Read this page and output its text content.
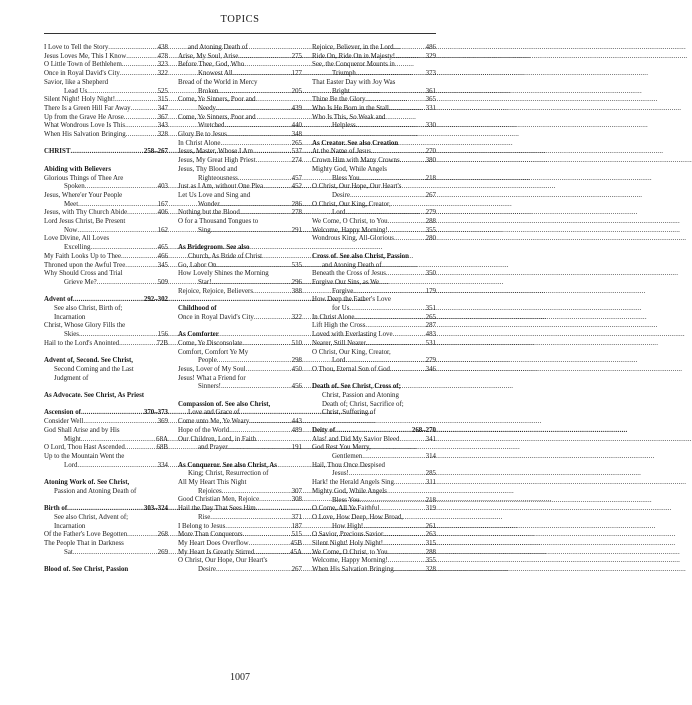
TOPICS
I Love to Tell the Story .....	438
Jesus Loves Me, This I Know .....	478
O Little Town of Bethlehem .....	323
Once in Royal David's City .....	322
Savior, like a Shepherd
Lead Us .....	525
Silent Night! Holy Night! .....	315
There Is a Green Hill Far Away .....	347
Up from the Grave He Arose .....	367
What Wondrous Love Is This .....	343
When His Salvation Bringing .....	328
CHRIST .....	258–267
Abiding with Believers
Glorious Things of Thee Are
Spoken .....	403
Jesus, Where'er Your People
Meet .....	167
Jesus, with Thy Church Abide .....	406
Lord Jesus Christ, Be Present
Now .....	162
Love Divine, All Loves
Excelling .....	465
My Faith Looks Up to Thee .....	466
Throned upon the Awful Tree .....	345
Why Should Cross and Trial
Grieve Me? .....	509
Advent of .....	292–302
See also Christ, Birth of;
Incarnation
Christ, Whose Glory Fills the
Skies .....	156
Hail to the Lord's Anointed .....	72B
Advent of, Second. See Christ,
Second Coming and the Last
Judgment of
As Advocate. See Christ, As Priest
Ascension of .....	370–373
Consider Well .....	369
God Shall Arise and by His
Might .....	68A
O Lord, Thou Hast Ascended .....	68B
Up to the Mountain Went the
Lord .....	334
Atoning Work of. See Christ,
Passion and Atoning Death of
Birth of .....	303–324
See also Christ, Advent of;
Incarnation
Of the Father's Love Begotten .....	268
The People That in Darkness
Sat .....	269
Blood of. See Christ, Passion
and Atoning Death of
Arise, My Soul, Arise .....	275
Before Thee, God, Who
Knowest All .....	177
Bread of the World in Mercy
Broken .....	205
Come, Ye Sinners, Poor and
Needy .....	439
Come, Ye Sinners, Poor and
Wretched .....	440
Glory Be to Jesus .....	348
In Christ Alone .....	265
Jesus, Master, Whose I Am .....	537
Jesus, My Great High Priest .....	274
Jesus, Thy Blood and
Righteousness .....	457
Just as I Am, without One Plea .....	452
Let Us Love and Sing and
Wonder .....	286
Nothing but the Blood .....	278
O for a Thousand Tongues to
Sing .....	291
As Bridegroom. See also
Church, As Bride of Christ
Go, Labor On .....	535
How Lovely Shines the Morning
Star! .....	296
Rejoice, Rejoice, Believers .....	388
Childhood of
Once in Royal David's City .....	322
As Comforter
Come, Ye Disconsolate .....	510
Comfort, Comfort Ye My
People .....	298
Jesus, Lover of My Soul .....	450
Jesus! What a Friend for
Sinners! .....	456
Compassion of. See also Christ,
Love and Grace of
Come unto Me, Ye Weary .....	443
Hope of the World .....	489
Our Children, Lord, in Faith
and Prayer .....	191
As Conqueror. See also Christ, As
King; Christ, Resurrection of
All My Heart This Night
Rejoices .....	307
Good Christian Men, Rejoice .....	308
Hail the Day That Sees Him
Rise .....	371
I Belong to Jesus .....	187
More Than Conquerors .....	515
My Heart Does Overflow .....	45B
My Heart Is Greatly Stirred .....	45A
O Christ, Our Hope, Our Heart's
Desire .....	267
Rejoice, Believer, in the Lord .....	486
Ride On, Ride On in Majesty! .....	329
See, the Conqueror Mounts in
Triumph .....	373
That Easter Day with Joy Was
Bright .....	361
Thine Be the Glory .....	365
Who Is He Born in the Stall .....	331
Who Is This, So Weak and
Helpless .....	330
As Creator. See also Creation
At the Name of Jesus .....	270
Crown Him with Many Crowns .....	380
Mighty God, While Angels
Bless You .....	218
O Christ, Our Hope, Our Heart's
Desire .....	267
O Christ, Our King, Creator,
Lord .....	279
We Come, O Christ, to You .....	288
Welcome, Happy Morning! .....	355
Wondrous King, All-Glorious .....	280
Cross of. See also Christ, Passion
and Atoning Death of
Beneath the Cross of Jesus .....	350
Forgive Our Sins, as We
Forgive .....	179
How Deep the Father's Love
for Us .....	351
In Christ Alone .....	265
Lift High the Cross .....	287
Loved with Everlasting Love .....	483
Nearer, Still Nearer .....	531
O Christ, Our King, Creator,
Lord .....	279
O Thou, Eternal Son of God .....	346
Death of. See Christ, Cross of;
Christ, Passion and Atoning
Death of; Christ, Sacrifice of;
Christ, Suffering of
Deity of .....	268–270
Alas! and Did My Savior Bleed .....	341
God Rest You Merry,
Gentlemen .....	314
Hail, Thou Once Despised
Jesus! .....	285
Hark! the Herald Angels Sing .....	311
Mighty God, While Angels
Bless You .....	218
O Come, All Ye Faithful .....	319
O Love, How Deep, How Broad,
How High! .....	261
O Savior, Precious Savior .....	263
Silent Night! Holy Night! .....	315
We Come, O Christ, to You .....	288
Welcome, Happy Morning! .....	355
When His Salvation Bringing .....	328
1007
